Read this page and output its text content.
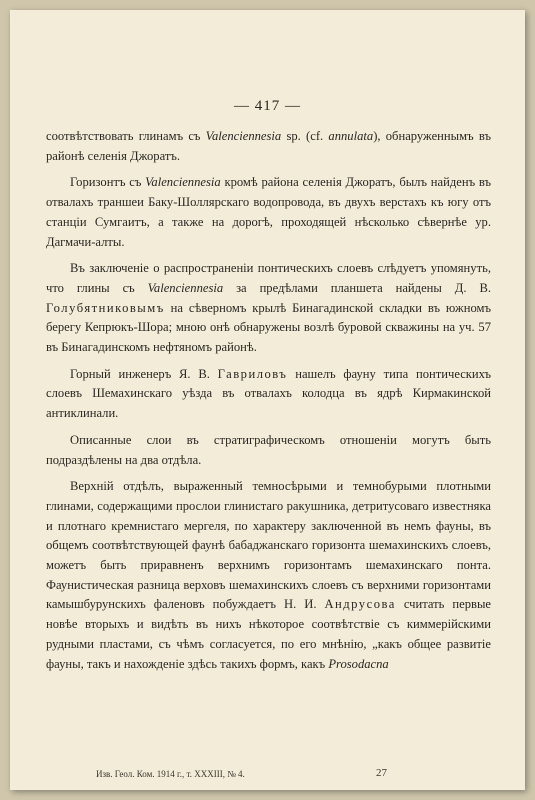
— 417 —

соотвѣтствовать глинамъ съ Valenciennesia sp. (cf. annulata), обнаруженнымъ въ районѣ селенія Джоратъ.

Горизонтъ съ Valenciennesia кромѣ района селенія Джоратъ, былъ найденъ въ отвалахъ траншеи Баку-Шоллярскаго водопровода, въ двухъ верстахъ къ югу отъ станціи Сумгаитъ, а также на дорогѣ, проходящей нѣсколько сѣвернѣе ур. Дагмачи-алты.

Въ заключеніе о распространеніи понтическихъ слоевъ слѣдуетъ упомянуть, что глины съ Valenciennesia за предѣлами планшета найдены Д. В. Голубятниковымъ на сѣверномъ крылѣ Бинагадинской складки въ южномъ берегу Кепрюкъ-Шора; мною онѣ обнаружены возлѣ буровой скважины на уч. 57 въ Бинагадинскомъ нефтяномъ районѣ.

Горный инженеръ Я. В. Гавриловъ нашелъ фауну типа понтическихъ слоевъ Шемахинскаго уѣзда въ отвалахъ колодца въ ядрѣ Кирмакинской антиклинали.

Описанные слои въ стратиграфическомъ отношеніи могутъ быть подраздѣлены на два отдѣла.

Верхній отдѣлъ, выраженный темносѣрыми и темнобурыми плотными глинами, содержащими прослои глинистаго ракушника, детритусоваго известняка и плотнаго кремнистаго мергеля, по характеру заключенной въ немъ фауны, въ общемъ соотвѣтствующей фаунѣ бабаджанскаго горизонта шемахинскихъ слоевъ, можетъ быть приравненъ верхнимъ горизонтамъ шемахинскаго понта. Фаунистическая разница верховъ шемахинскихъ слоевъ съ верхними горизонтами камышбурунскихъ фаленовъ побуждаетъ Н. И. Андрусова считать первые новѣе вторыхъ и видѣть въ нихъ нѣкоторое соотвѣтствіе съ киммерійскими рудными пластами, съ чѣмъ согласуется, по его мнѣнію, „какъ общее развитіе фауны, такъ и нахожденіе здѣсь такихъ формъ, какъ Prosodacna

Изв. Геол. Ком. 1914 г., т. XXXIII, № 4.	27
